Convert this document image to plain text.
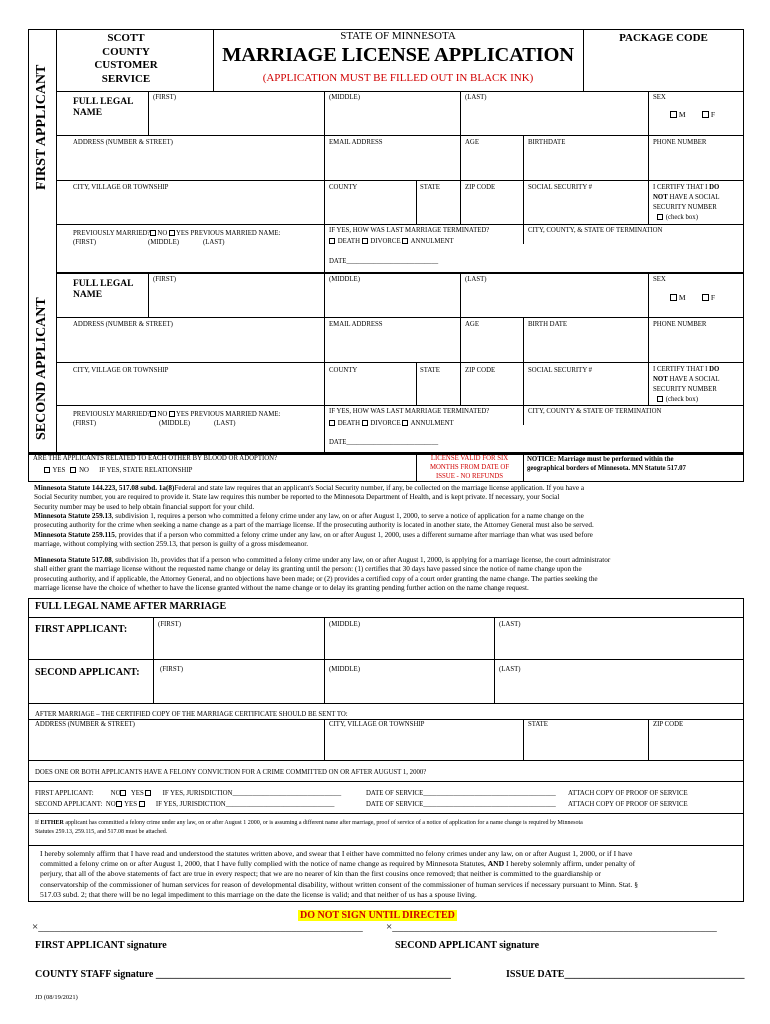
SCOTT
COUNTY
CUSTOMER
SERVICE
STATE OF MINNESOTA
MARRIAGE LICENSE APPLICATION
(APPLICATION MUST BE FILLED OUT IN BLACK INK)
PACKAGE CODE
FIRST APPLICANT	FULL LEGAL
NAME
(FIRST)	(MIDDLE)	(LAST)	SEX
M	F
ADDRESS (NUMBER & STREET)	EMAIL ADDRESS	AGE	BIRTHDATE	PHONE NUMBER
CITY, VILLAGE OR TOWNSHIP	COUNTY	STATE	ZIP CODE	SOCIAL SECURITY #	I CERTIFY THAT I DO
NOT HAVE A SOCIAL
SECURITY NUMBER
(check box)
PREVIOUSLY MARRIED? NO YES PREVIOUS MARRIED NAME:
(FIRST)	(MIDDLE)	(LAST)
IF YES, HOW WAS LAST MARRIAGE TERMINATED?
DEATH DIVORCE ANNULMENT
CITY, COUNTY, & STATE OF TERMINATION
DATE___________________________
SECOND APPLICANT
FULL LEGAL
NAME
(FIRST)	(MIDDLE)	(LAST)	SEX
M	F
ADDRESS (NUMBER & STREET)	EMAIL ADDRESS	AGE	BIRTH DATE	PHONE NUMBER
CITY, VILLAGE OR TOWNSHIP	COUNTY	STATE	ZIP CODE	SOCIAL SECURITY #	I CERTIFY THAT I DO
NOT HAVE A SOCIAL
SECURITY NUMBER
(check box)
PREVIOUSLY MARRIED? NO YES PREVIOUS MARRIED NAME:
(FIRST)	(MIDDLE)	(LAST)
IF YES, HOW WAS LAST MARRIAGE TERMINATED?
DEATH DIVORCE ANNULMENT
CITY, COUNTY & STATE OF TERMINATION
DATE___________________________
ARE THE APPLICANTS RELATED TO EACH OTHER BY BLOOD OR ADOPTION?
YES NO IF YES, STATE RELATIONSHIP
LICENSE VALID FOR SIX
MONTHS FROM DATE OF
ISSUE - NO REFUNDS
NOTICE: Marriage must be performed within the
geographical borders of Minnesota. MN Statute 517.07
Minnesota Statute 144.223, 517.08 subd. 1a(8)Federal and state law requires that an applicant's Social Security number, if any, be collected on the marriage license application. If you have a
Social Security number, you are required to provide it. State law requires this number be reported to the Minnesota Department of Health, and is kept private. If necessary, your Social
Security number may be used to help obtain financial support for your child.
Minnesota Statute 259.13, subdivision 1, requires a person who committed a felony crime under any law, on or after August 1, 2000, to serve a notice of application for a name change on the
prosecuting authority for the crime when seeking a name change as a part of the marriage license. If the prosecuting authority is located in another state, the Attorney General must also be served.
Minnesota Statute 259.115, provides that if a person who committed a felony crime under any law, on or after August 1, 2000, uses a different surname after marriage than what was used before
marriage, without complying with section 259.13, that person is guilty of a gross misdemeanor.
Minnesota Statute 517.08, subdivision 1b, provides that if a person who committed a felony crime under any law, on or after August 1, 2000, is applying for a marriage license, the court administrator
shall either grant the marriage license without the requested name change or delay its granting until the person: (1) certifies that 30 days have passed since the notice of name change upon the
prosecuting authority, and if applicable, the Attorney General, and no objections have been made; or (2) provides a certified copy of a court order granting the name change. The parties seeking the
marriage license have the choice of whether to have the license granted without the name change or to delay its granting pending further action on the name change request.
FULL LEGAL NAME AFTER MARRIAGE
FIRST APPLICANT:	(FIRST)	(MIDDLE)	(LAST)
SECOND APPLICANT:	(FIRST)	(MIDDLE)	(LAST)
AFTER MARRIAGE – THE CERTIFIED COPY OF THE MARRIAGE CERTIFICATE SHOULD BE SENT TO:
ADDRESS (NUMBER & STREET)	CITY, VILLAGE OR TOWNSHIP	STATE	ZIP CODE
DOES ONE OR BOTH APPLICANTS HAVE A FELONY CONVICTION FOR A CRIME COMMITTED ON OR AFTER AUGUST 1, 2000?
FIRST APPLICANT:	NO YES	IF YES, JURISDICTION________________________________	DATE OF SERVICE_______________________________________ ATTACH COPY OF PROOF OF SERVICE
SECOND APPLICANT: NO YES	IF YES, JURISDICTION________________________________	DATE OF SERVICE_______________________________________ ATTACH COPY OF PROOF OF SERVICE
If EITHER applicant has committed a felony crime under any law, on or after August 1 2000, or is assuming a different name after marriage, proof of service of a notice of application for a name change is required by Minnesota
Statutes 259.13, 259.115, and 517.08 must be attached.
I hereby solemnly affirm that I have read and understood the statutes written above, and swear that I either have committed no felony crimes under any law, on or after August 1, 2000, or if I have
committed a felony crime on or after August 1, 2000, that I have fully complied with the notice of name change as required by Minnesota Statutes, AND I hereby solemnly affirm, under penalty of
perjury, that all of the above statements of fact are true in every respect; that we are no nearer of kin than the first cousins once removed; that neither is committed to the guardianship or
conservatorship of the commissioner of human services for reason of developmental disability, without written consent of the commissioner of human services if necessary pursuant to Minn. Stat. §
517.03 subd. 2; that there will be no legal impediment to this marriage on the date the license is valid; and that neither of us has a spouse living.
DO NOT SIGN UNTIL DIRECTED
×___________________________________________________________ ×___________________________________________________________
FIRST APPLICANT signature	SECOND APPLICANT signature
COUNTY STAFF signature ___________________________________________________________	ISSUE DATE____________________________________
JD (08/19/2021)
